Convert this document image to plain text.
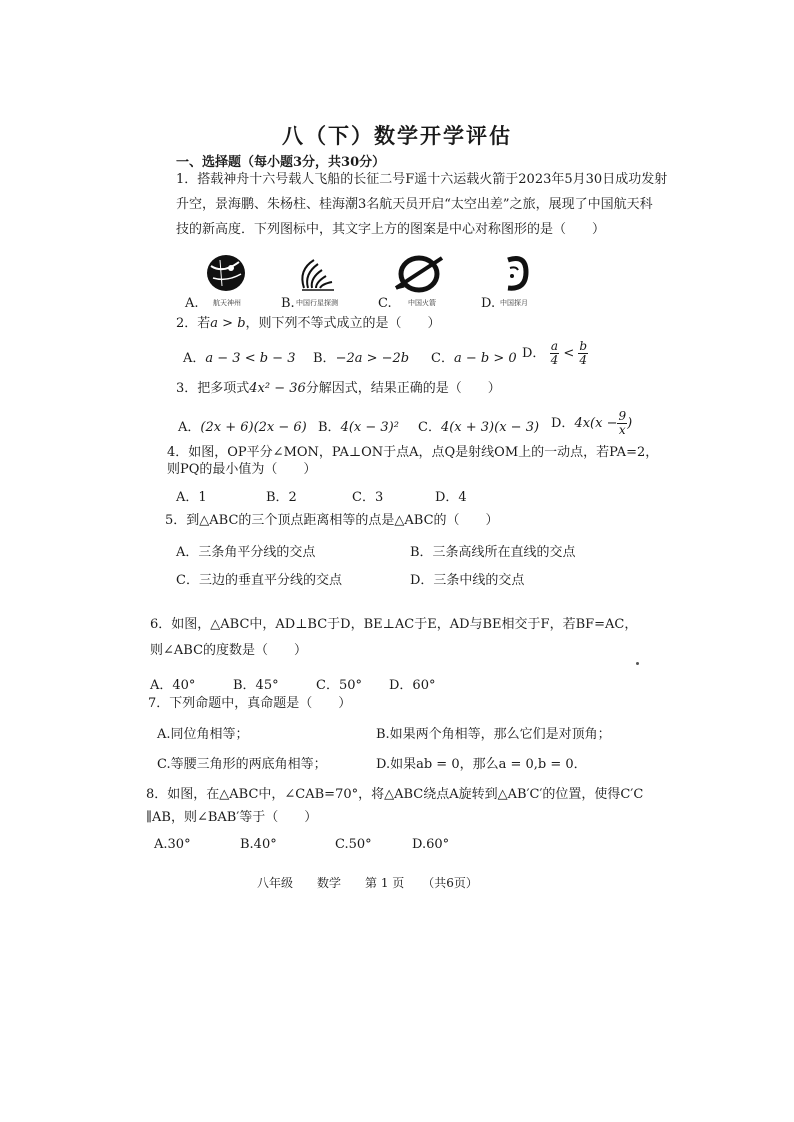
八（下）数学开学评估
一、选择题（每小题3分，共30分）
1．搭载神舟十六号载人飞船的长征二号F遥十六运载火箭于2023年5月30日成功发射
升空，景海鹏、朱杨柱、桂海潮3名航天员开启“太空出差”之旅，展现了中国航天科
技的新高度．下列图标中，其文字上方的图案是中心对称图形的是（　　）
A. 航天神州	B. 中国行星探测	C. 中国火箭	D. 中国探月
2．若a > b，则下列不等式成立的是（　　）
A．a − 3 < b − 3 B．−2a > −2b C．a − b > 0 D． $\frac{a}{4} < \frac{b}{4}$
3．把多项式4x² − 36分解因式，结果正确的是（　　）
A．(2x + 6)(2x − 6) B．4(x − 3)² C．4(x + 3)(x − 3) D．$4x(x - \frac{9}{x}$ )
4．如图，OP平分∠MON，PA⊥ON于点A，点Q是射线OM上的一动点，若PA=2，
则PQ的最小值为（　　）
A．1	B．2	C．3	D．4
5．到△ABC的三个顶点距离相等的点是△ABC的（　　）
A．三条角平分线的交点	B．三条高线所在直线的交点
C．三边的垂直平分线的交点	D．三条中线的交点
6．如图，△ABC中，AD⊥BC于D，BE⊥AC于E，AD与BE相交于F，若BF=AC，
则∠ABC的度数是（　　）
A．40°	B．45°	C．50° D．60°
7．下列命题中，真命题是（　　）
A.同位角相等；	B.如果两个角相等，那么它们是对顶角；
C.等腰三角形的两底角相等；	D.如果ab = 0，那么a = 0,b = 0．
8．如图，在△ABC中，∠CAB=70°，将△ABC绕点A旋转到△AB′C′的位置，使得C′C
∥AB，则∠BAB′等于（　　）
A.30°	B.40°	C.50°	D.60°
八年级　　数学　　第 1 页　　（共6页）
